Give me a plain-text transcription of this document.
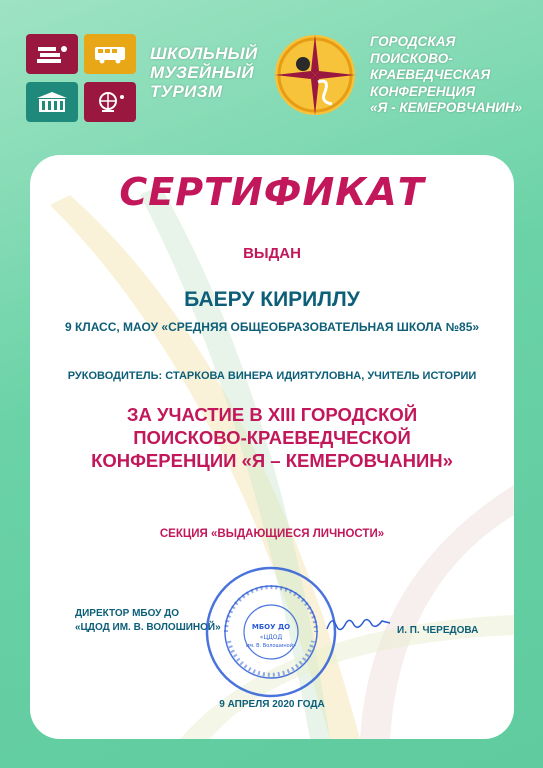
ШКОЛЬНЫЙ
МУЗЕЙНЫЙ
ТУРИЗМ
ГОРОДСКАЯ
ПОИСКОВО-
КРАЕВЕДЧЕСКАЯ
КОНФЕРЕНЦИЯ
«Я - КЕМЕРОВЧАНИН»
СЕРТИФИКАТ
ВЫДАН
БАЕРУ КИРИЛЛУ
9 КЛАСС, МАОУ «СРЕДНЯЯ ОБЩЕОБРАЗОВАТЕЛЬНАЯ ШКОЛА №85»
РУКОВОДИТЕЛЬ: СТАРКОВА ВИНЕРА ИДИЯТУЛОВНА, УЧИТЕЛЬ ИСТОРИИ
ЗА УЧАСТИЕ В XIII ГОРОДСКОЙ
ПОИСКОВО-КРАЕВЕДЧЕСКОЙ
КОНФЕРЕНЦИИ «Я – КЕМЕРОВЧАНИН»
СЕКЦИЯ «ВЫДАЮЩИЕСЯ ЛИЧНОСТИ»
ДИРЕКТОР МБОУ ДО
«ЦДОД ИМ. В. ВОЛОШИНОЙ»	МБОУ ДО
«ЦДОД
им. В. Волошиной»
И. П. ЧЕРЕДОВА
9 АПРЕЛЯ 2020 ГОДА
